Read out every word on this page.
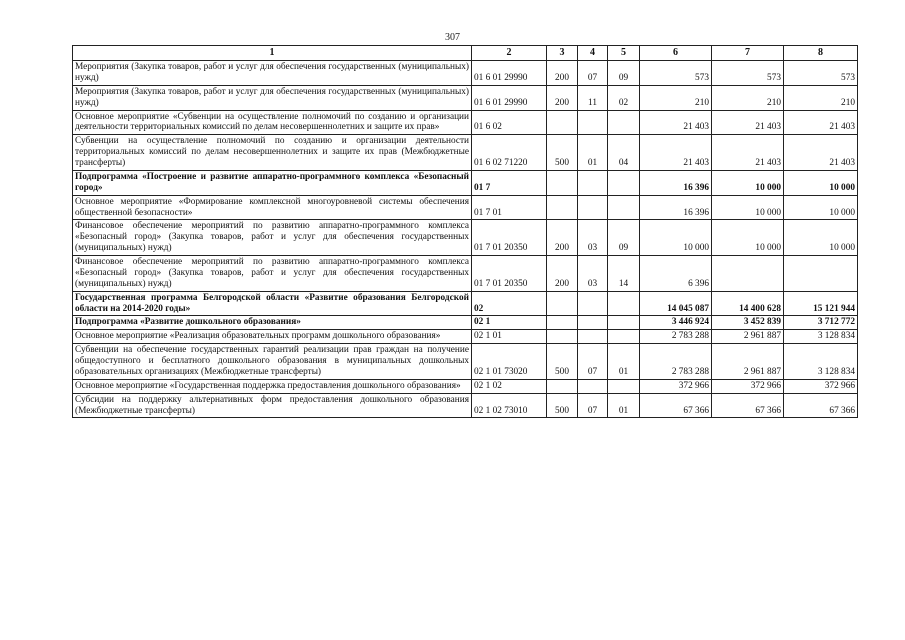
307
1	2	3	4	5	6	7	8
Мероприятия (Закупка товаров, работ и услуг для обеспечения государственных (муниципальных) нужд)	01 6 01 29990	200	07	09	573	573	573
Мероприятия (Закупка товаров, работ и услуг для обеспечения государственных (муниципальных) нужд)	01 6 01 29990	200	11	02	210	210	210
Основное мероприятие «Субвенции на осуществление полномочий по созданию и организации деятельности территориальных комиссий по делам несовершеннолетних и защите их прав»	01 6 02				21 403	21 403	21 403
Субвенции на осуществление полномочий по созданию и организации деятельности территориальных комиссий по делам несовершеннолетних и защите их прав (Межбюджетные трансферты)	01 6 02 71220	500	01	04	21 403	21 403	21 403
Подпрограмма «Построение и развитие аппаратно-программного комплекса «Безопасный город»	01 7				16 396	10 000	10 000
Основное мероприятие «Формирование комплексной многоуровневой системы обеспечения общественной безопасности»	01 7 01				16 396	10 000	10 000
Финансовое обеспечение мероприятий по развитию аппаратно-программного комплекса «Безопасный город» (Закупка товаров, работ и услуг для обеспечения государственных (муниципальных) нужд)	01 7 01 20350	200	03	09	10 000	10 000	10 000
Финансовое обеспечение мероприятий по развитию аппаратно-программного комплекса «Безопасный город» (Закупка товаров, работ и услуг для обеспечения государственных (муниципальных) нужд)	01 7 01 20350	200	03	14	6 396		
Государственная программа Белгородской области «Развитие образования Белгородской области на 2014-2020 годы»	02				14 045 087	14 400 628	15 121 944
Подпрограмма «Развитие дошкольного образования»	02 1				3 446 924	3 452 839	3 712 772
Основное мероприятие «Реализация образовательных программ дошкольного образования»	02 1 01				2 783 288	2 961 887	3 128 834
Субвенции на обеспечение государственных гарантий реализации прав граждан на получение общедоступного и бесплатного дошкольного образования в муниципальных дошкольных образовательных организациях (Межбюджетные трансферты)	02 1 01 73020	500	07	01	2 783 288	2 961 887	3 128 834
Основное мероприятие «Государственная поддержка предоставления дошкольного образования»	02 1 02				372 966	372 966	372 966
Субсидии на поддержку альтернативных форм предоставления дошкольного образования (Межбюджетные трансферты)	02 1 02 73010	500	07	01	67 366	67 366	67 366
